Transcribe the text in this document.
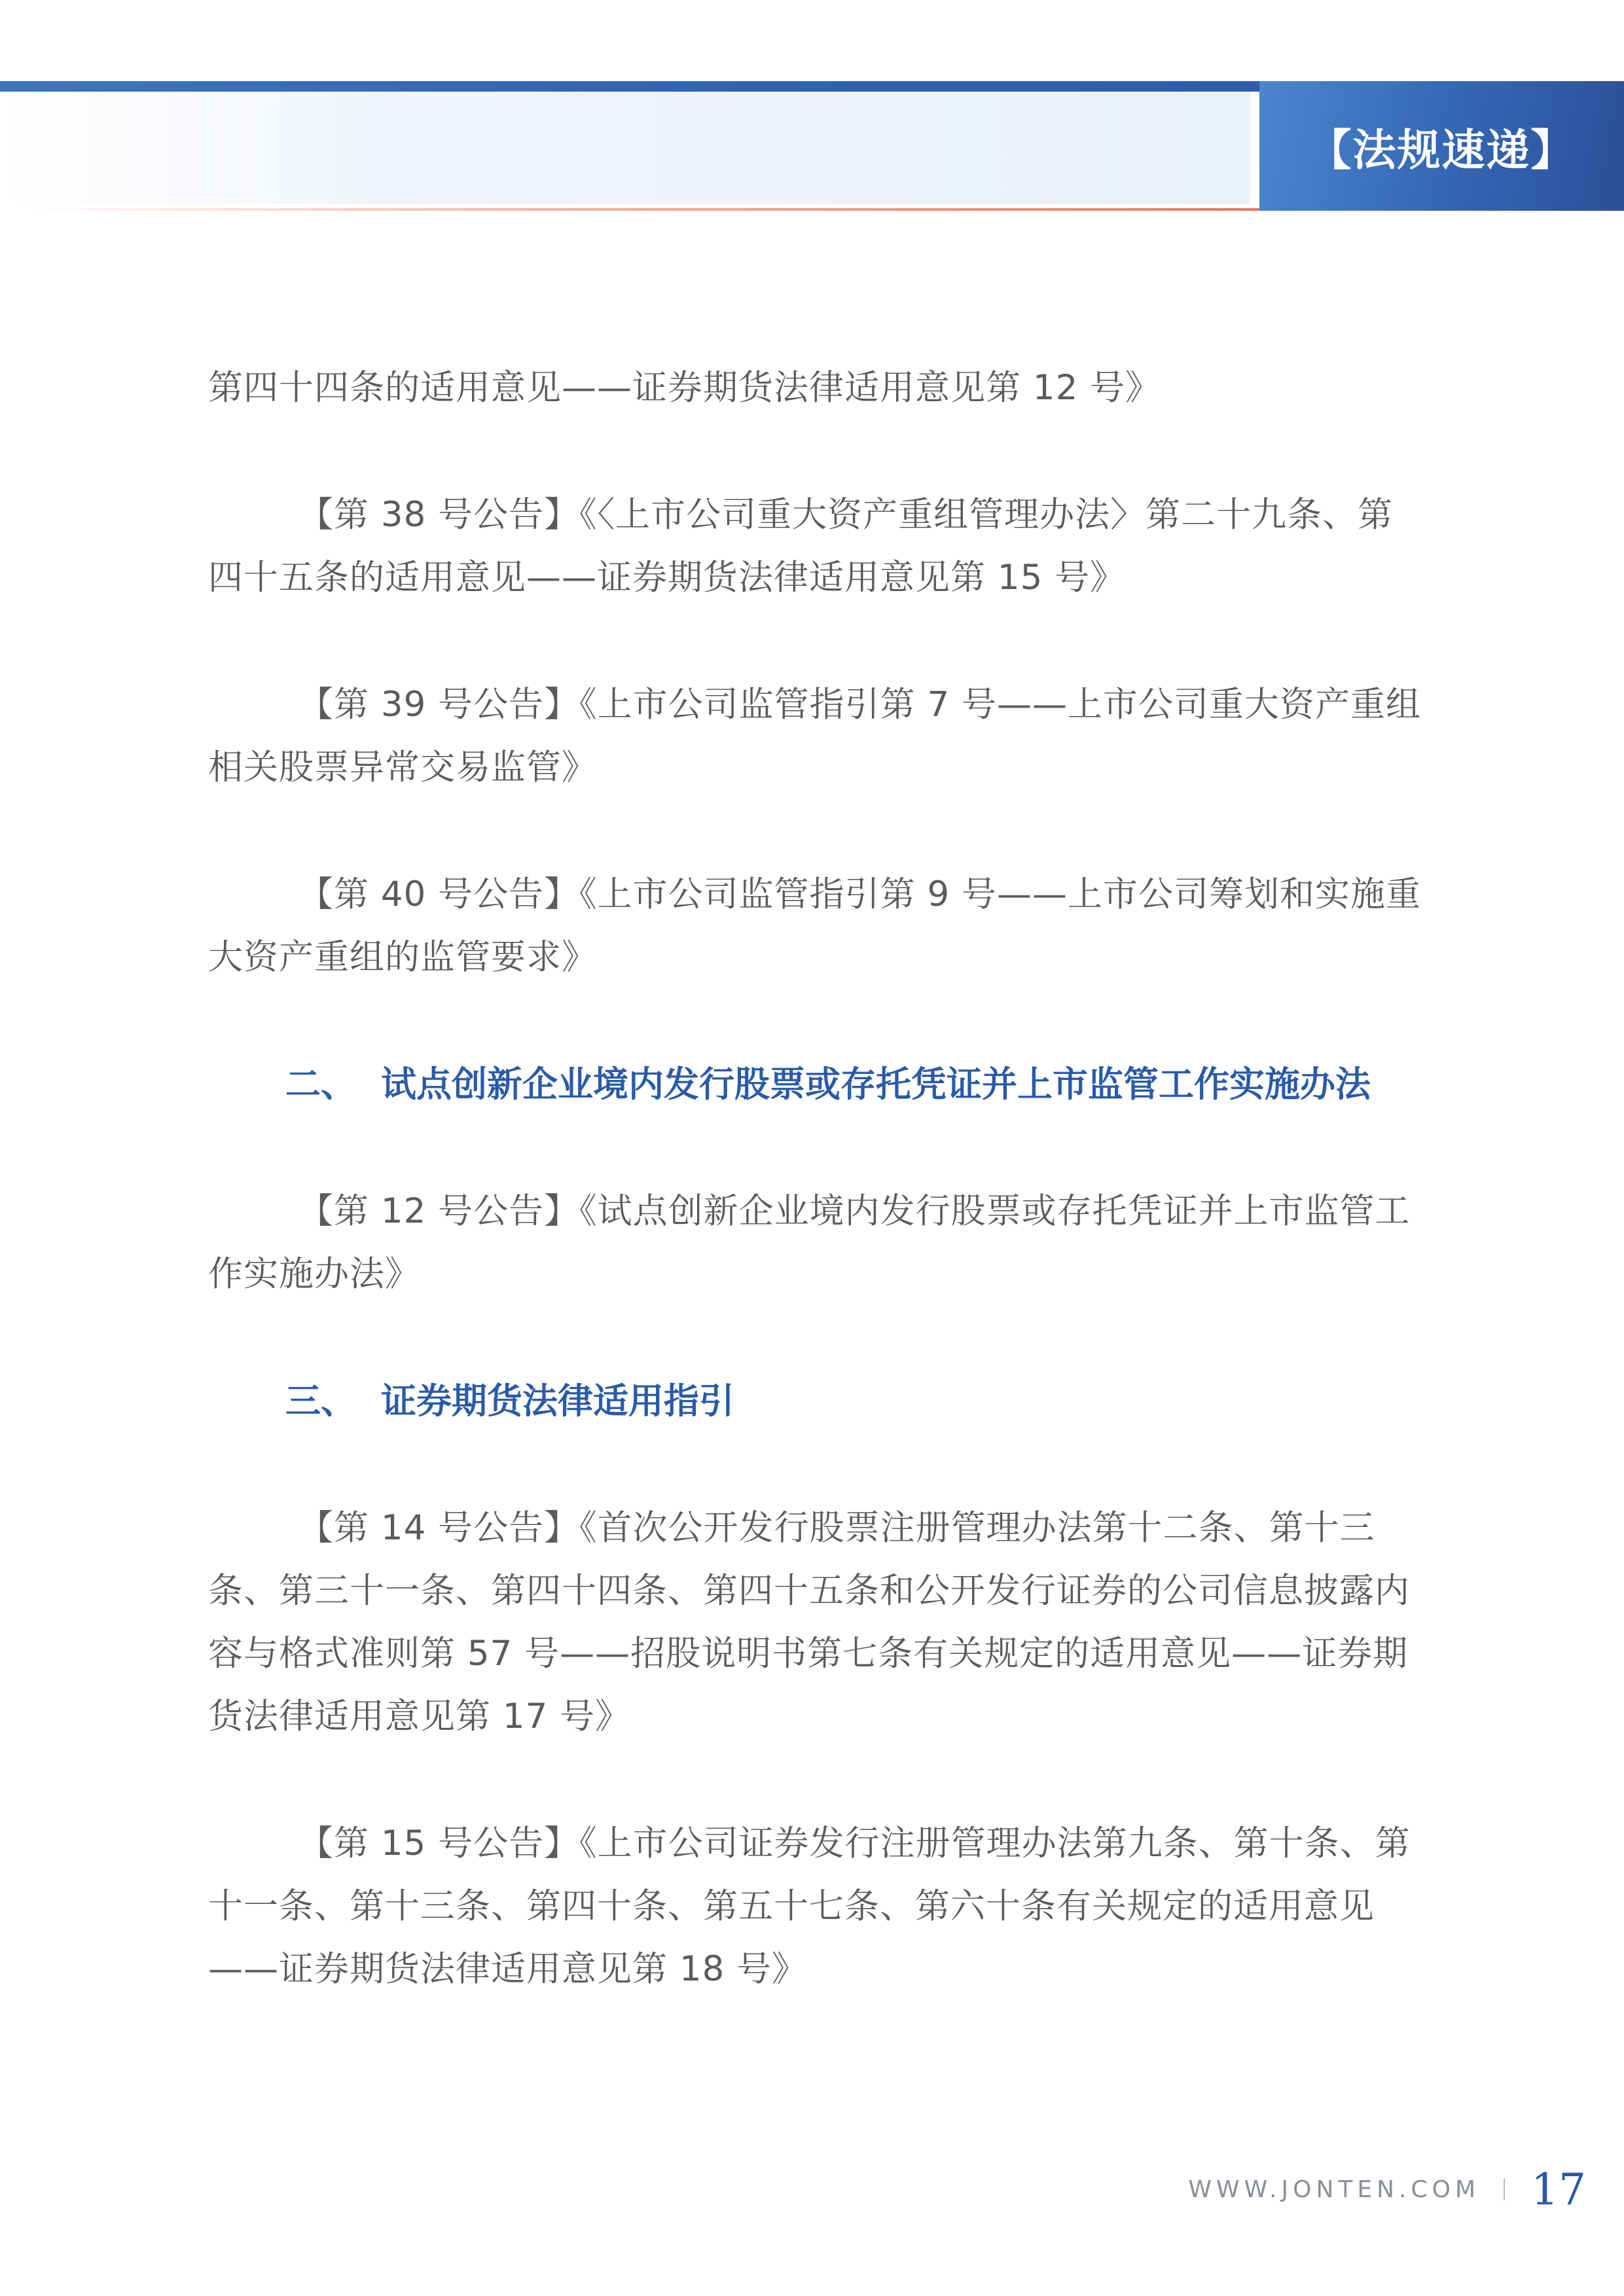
【法规速递】

第四十四条的适用意见——证券期货法律适用意见第 12 号》

【第 38 号公告】《〈上市公司重大资产重组管理办法〉第二十九条、第四十五条的适用意见——证券期货法律适用意见第 15 号》

【第 39 号公告】《上市公司监管指引第 7 号——上市公司重大资产重组相关股票异常交易监管》

【第 40 号公告】《上市公司监管指引第 9 号——上市公司筹划和实施重大资产重组的监管要求》

二、 试点创新企业境内发行股票或存托凭证并上市监管工作实施办法

【第 12 号公告】《试点创新企业境内发行股票或存托凭证并上市监管工作实施办法》

三、 证券期货法律适用指引

【第 14 号公告】《首次公开发行股票注册管理办法第十二条、第十三条、第三十一条、第四十四条、第四十五条和公开发行证券的公司信息披露内容与格式准则第 57 号——招股说明书第七条有关规定的适用意见——证券期货法律适用意见第 17 号》

【第 15 号公告】《上市公司证券发行注册管理办法第九条、第十条、第十一条、第十三条、第四十条、第五十七条、第六十条有关规定的适用意见——证券期货法律适用意见第 18 号》

WWW.JONTEN.COM 17
